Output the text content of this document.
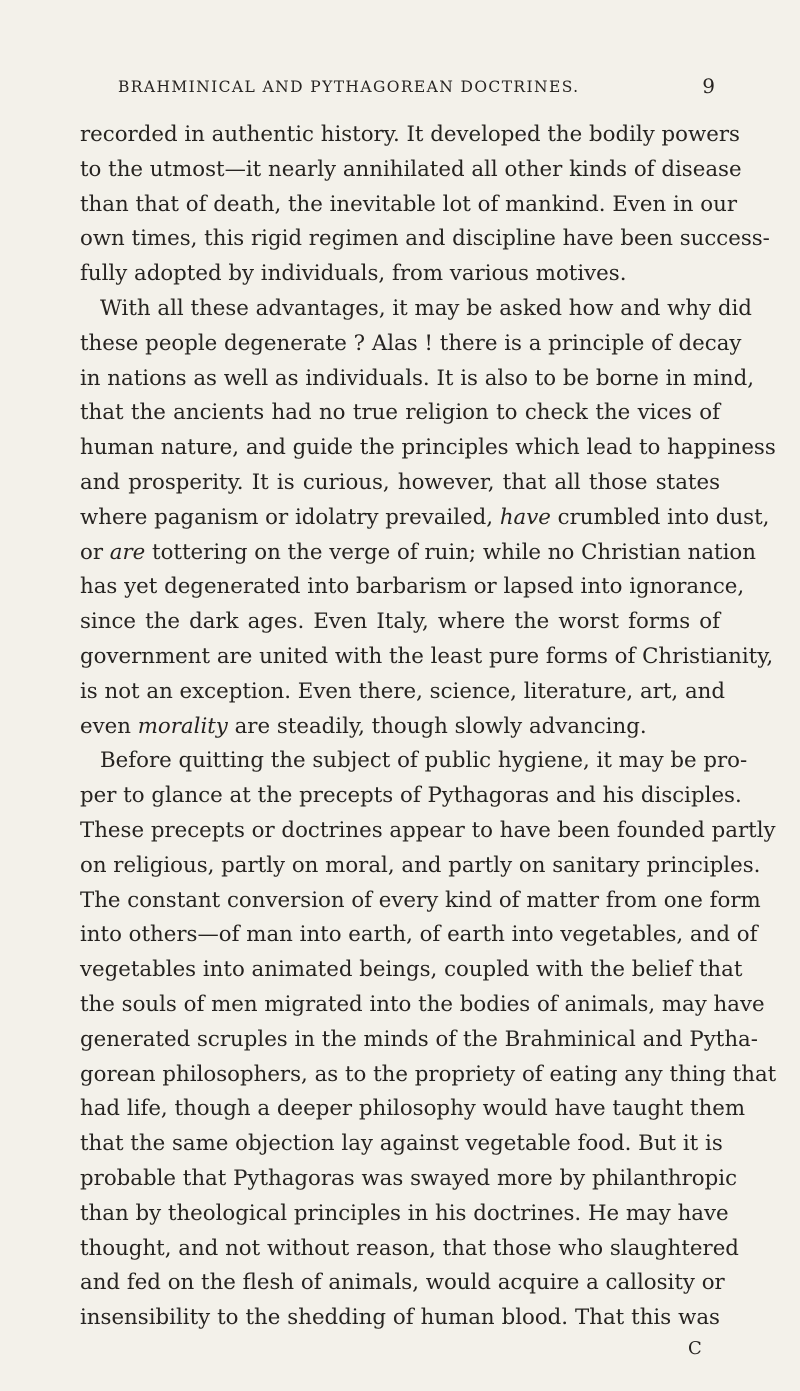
BRAHMINICAL AND PYTHAGOREAN DOCTRINES.	9
recorded in authentic history. It developed the bodily powers
to the utmost—it nearly annihilated all other kinds of disease
than that of death, the inevitable lot of mankind. Even in our
own times, this rigid regimen and discipline have been success-
fully adopted by individuals, from various motives.
With all these advantages, it may be asked how and why did
these people degenerate ? Alas ! there is a principle of decay
in nations as well as individuals. It is also to be borne in mind,
that the ancients had no true religion to check the vices of
human nature, and guide the principles which lead to happiness
and prosperity. It is curious, however, that all those states
where paganism or idolatry prevailed, have crumbled into dust,
or are tottering on the verge of ruin; while no Christian nation
has yet degenerated into barbarism or lapsed into ignorance,
since the dark ages. Even Italy, where the worst forms of
government are united with the least pure forms of Christianity,
is not an exception. Even there, science, literature, art, and
even morality are steadily, though slowly advancing.
Before quitting the subject of public hygiene, it may be pro-
per to glance at the precepts of Pythagoras and his disciples.
These precepts or doctrines appear to have been founded partly
on religious, partly on moral, and partly on sanitary principles.
The constant conversion of every kind of matter from one form
into others—of man into earth, of earth into vegetables, and of
vegetables into animated beings, coupled with the belief that
the souls of men migrated into the bodies of animals, may have
generated scruples in the minds of the Brahminical and Pytha-
gorean philosophers, as to the propriety of eating any thing that
had life, though a deeper philosophy would have taught them
that the same objection lay against vegetable food. But it is
probable that Pythagoras was swayed more by philanthropic
than by theological principles in his doctrines. He may have
thought, and not without reason, that those who slaughtered
and fed on the flesh of animals, would acquire a callosity or
insensibility to the shedding of human blood. That this was
C
